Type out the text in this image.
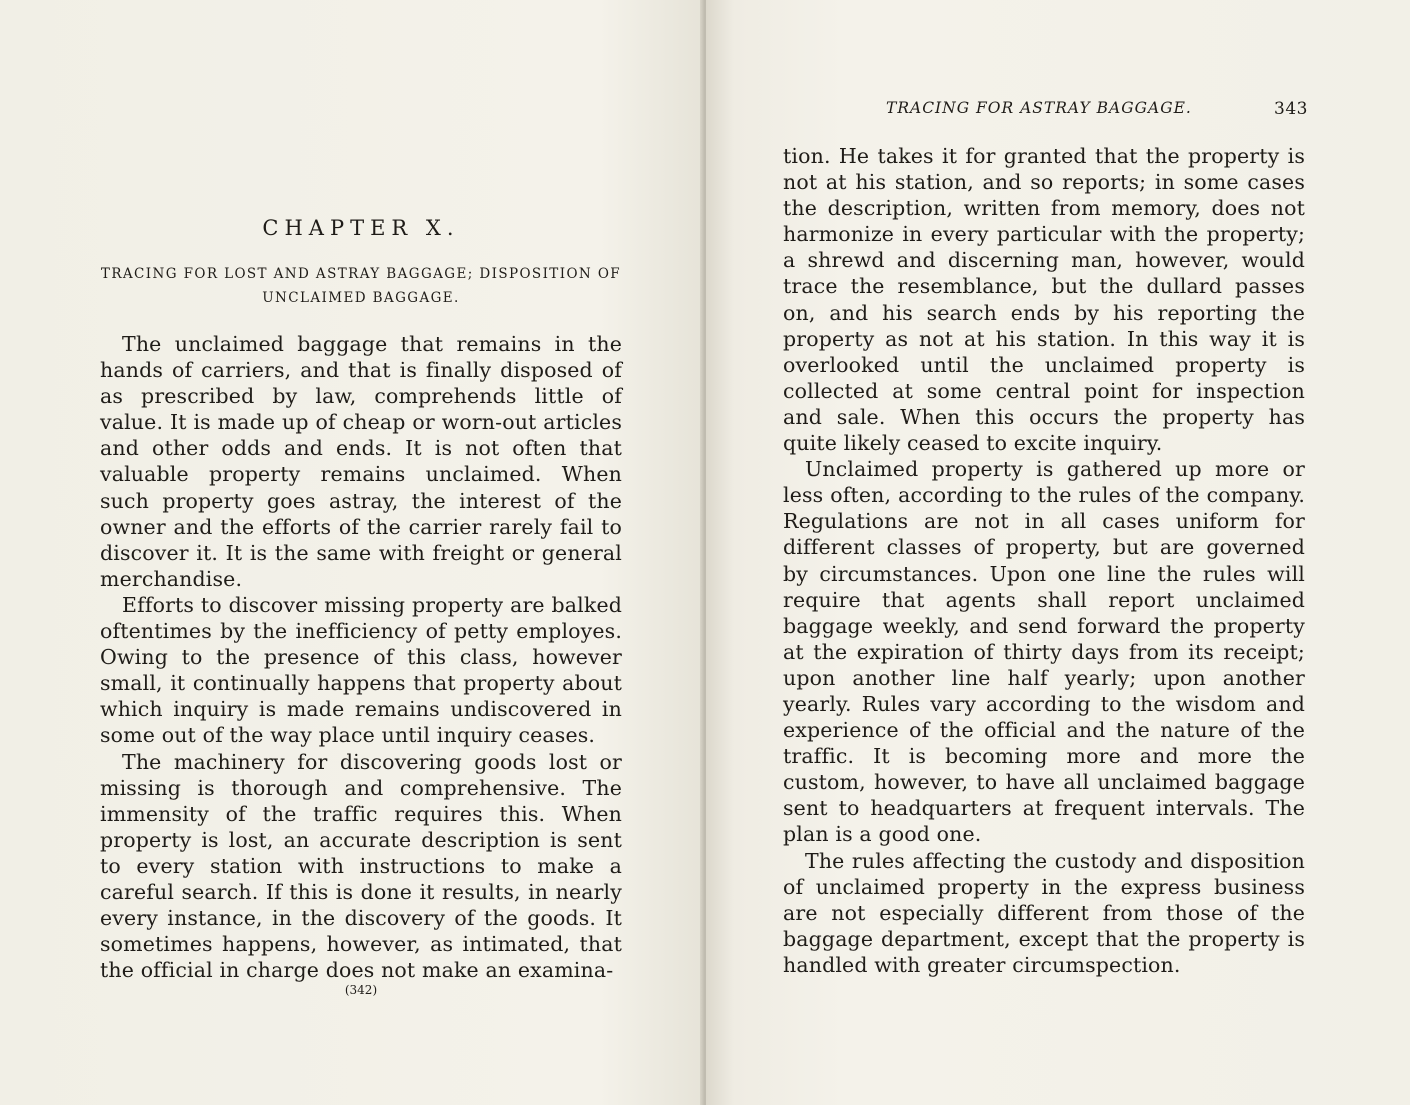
CHAPTER X.
TRACING FOR LOST AND ASTRAY BAGGAGE; DISPOSITION OF UNCLAIMED BAGGAGE.

The unclaimed baggage that remains in the hands of carriers, and that is finally disposed of as prescribed by law, comprehends little of value. It is made up of cheap or worn-out articles and other odds and ends. It is not often that valuable property remains unclaimed. When such property goes astray, the interest of the owner and the efforts of the carrier rarely fail to discover it. It is the same with freight or general merchandise.

Efforts to discover missing property are balked oftentimes by the inefficiency of petty employes. Owing to the presence of this class, however small, it continually happens that property about which inquiry is made remains undiscovered in some out of the way place until inquiry ceases.

The machinery for discovering goods lost or missing is thorough and comprehensive. The immensity of the traffic requires this. When property is lost, an accurate description is sent to every station with instructions to make a careful search. If this is done it results, in nearly every instance, in the discovery of the goods. It sometimes happens, however, as intimated, that the official in charge does not make an examina-

(342)
TRACING FOR ASTRAY BAGGAGE.	343

tion. He takes it for granted that the property is not at his station, and so reports; in some cases the description, written from memory, does not harmonize in every particular with the property; a shrewd and discerning man, however, would trace the resemblance, but the dullard passes on, and his search ends by his reporting the property as not at his station. In this way it is overlooked until the unclaimed property is collected at some central point for inspection and sale. When this occurs the property has quite likely ceased to excite inquiry.

Unclaimed property is gathered up more or less often, according to the rules of the company. Regulations are not in all cases uniform for different classes of property, but are governed by circumstances. Upon one line the rules will require that agents shall report unclaimed baggage weekly, and send forward the property at the expiration of thirty days from its receipt; upon another line half yearly; upon another yearly. Rules vary according to the wisdom and experience of the official and the nature of the traffic. It is becoming more and more the custom, however, to have all unclaimed baggage sent to headquarters at frequent intervals. The plan is a good one.

The rules affecting the custody and disposition of unclaimed property in the express business are not especially different from those of the baggage department, except that the property is handled with greater circumspection.
